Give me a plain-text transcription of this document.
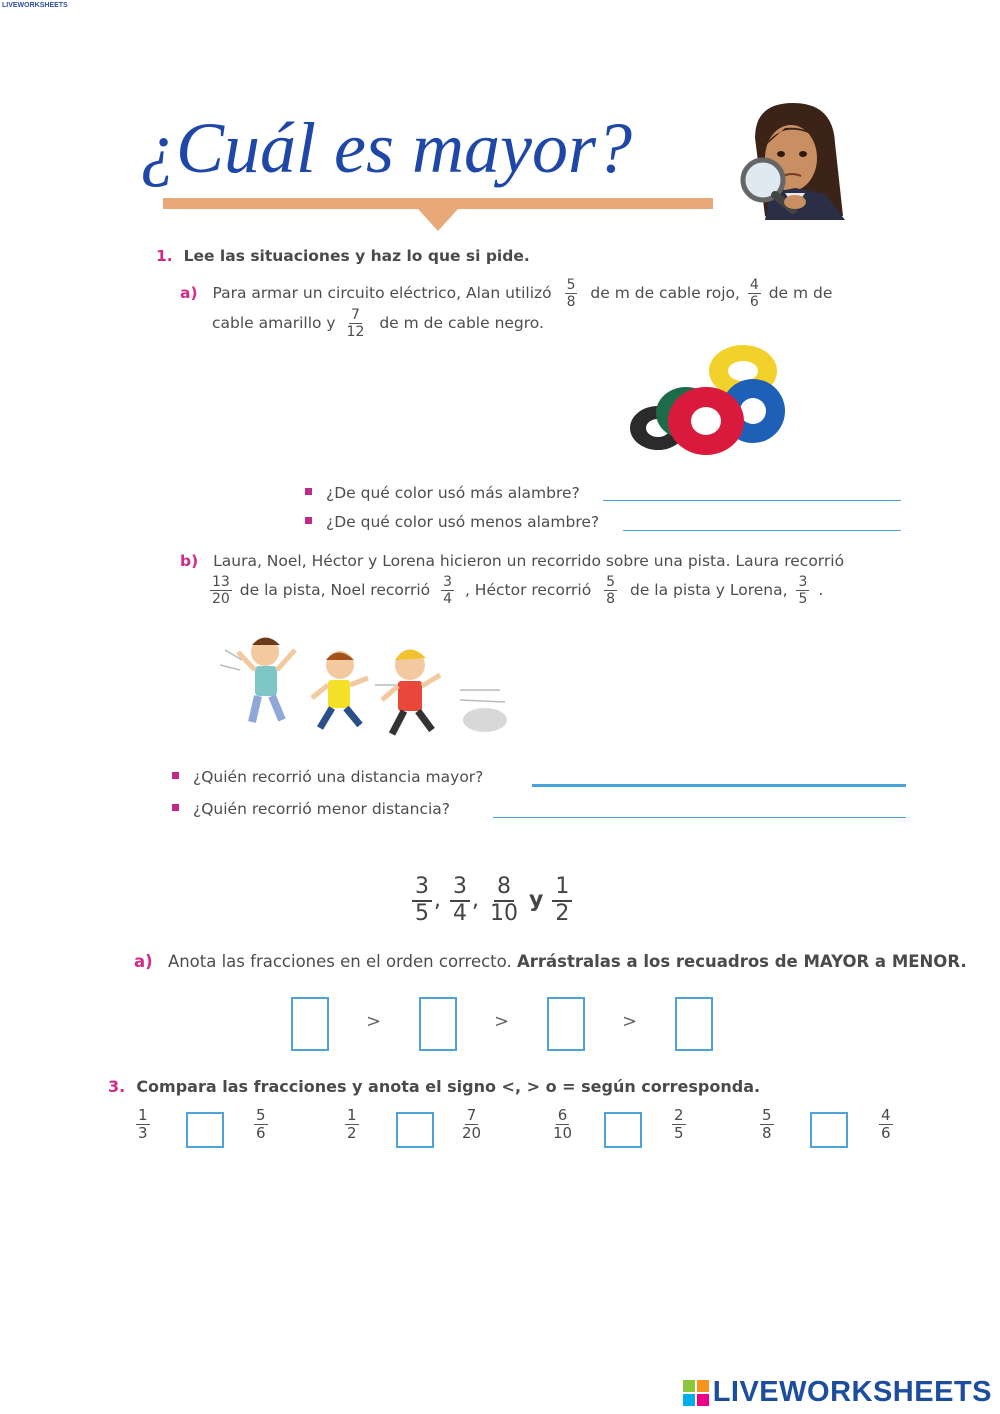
LIVEWORKSHEETS
¿Cuál es mayor?
1. Lee las situaciones y haz lo que si pide.
a) Para armar un circuito eléctrico, Alan utilizó $\frac{5}{8}$ de m de cable rojo, $\frac{4}{6}$ de m de
cable amarillo y $\frac{7}{12}$ de m de cable negro.
¿De qué color usó más alambre?
¿De qué color usó menos alambre?
b) Laura, Noel, Héctor y Lorena hicieron un recorrido sobre una pista. Laura recorrió
$\frac{13}{20}$ de la pista, Noel recorrió $\frac{3}{4}$ , Héctor recorrió $\frac{5}{8}$ de la pista y Lorena, $\frac{3}{5}$ .
¿Quién recorrió una distancia mayor?
¿Quién recorrió menor distancia?
$\frac{3}{5}$ , $\frac{3}{4}$ , $\frac{8}{10}$ y $\frac{1}{2}$
a) Anota las fracciones en el orden correcto. Arrástralas a los recuadros de MAYOR a MENOR.
>	>	>
3. Compara las fracciones y anota el signo <, > o = según corresponda.
$\frac{1}{3}$	$\frac{5}{6}$	$\frac{1}{2}$	$\frac{7}{20}$	$\frac{6}{10}$	$\frac{2}{5}$	$\frac{5}{8}$	$\frac{4}{6}$
LIVEWORKSHEETS
